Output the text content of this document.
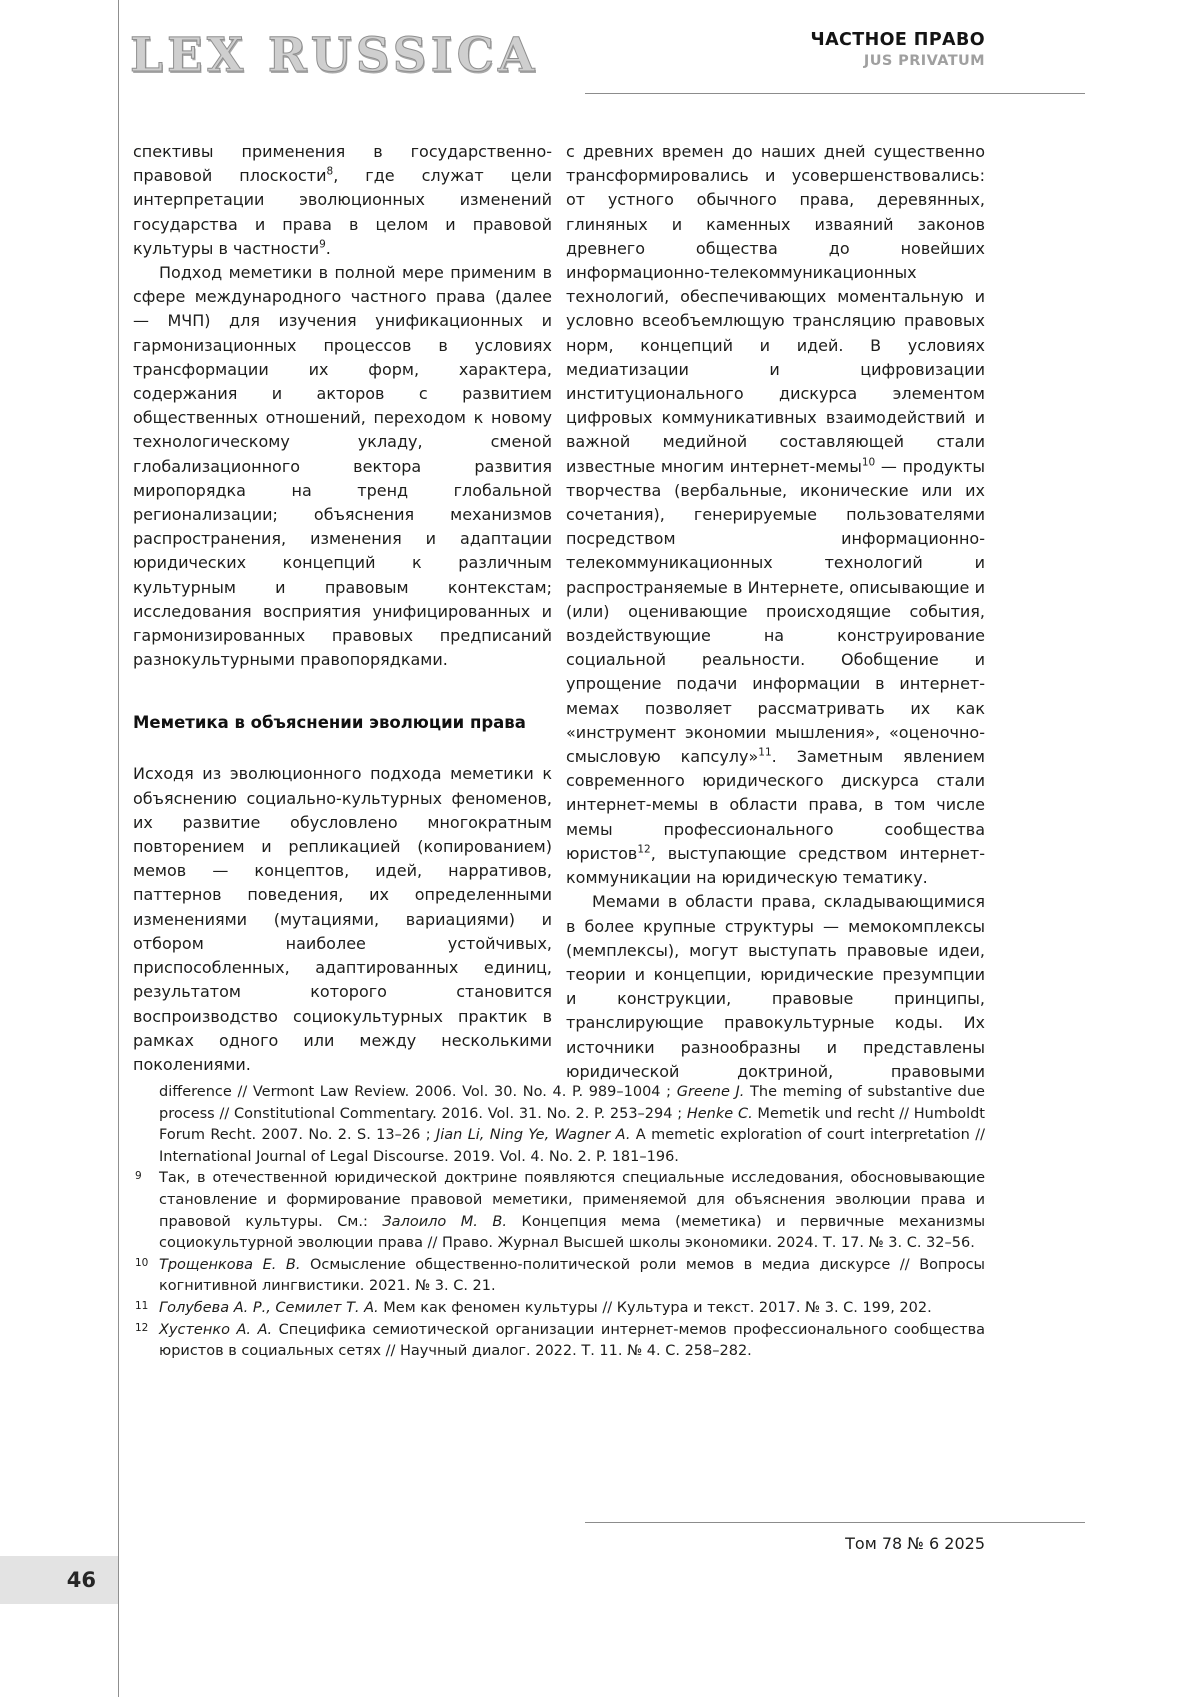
LEX RUSSICA	ЧАСТНОЕ ПРАВО
JUS PRIVATUM

спективы применения в государственно-правовой плоскости$^8$, где служат цели интерпретации эволюционных изменений государства и права в целом и правовой культуры в частности$^9$.

Подход меметики в полной мере применим в сфере международного частного права (далее — МЧП) для изучения унификационных и гармонизационных процессов в условиях трансформации их форм, характера, содержания и акторов с развитием общественных отношений, переходом к новому технологическому укладу, сменой глобализационного вектора развития миропорядка на тренд глобальной регионализации; объяснения механизмов распространения, изменения и адаптации юридических концепций к различным культурным и правовым контекстам; исследования восприятия унифицированных и гармонизированных правовых предписаний разнокультурными правопорядками.

Меметика в объяснении эволюции права

Исходя из эволюционного подхода меметики к объяснению социально-культурных феноменов, их развитие обусловлено многократным повторением и репликацией (копированием) мемов — концептов, идей, нарративов, паттернов поведения, их определенными изменениями (мутациями, вариациями) и отбором наиболее устойчивых, приспособленных, адаптированных единиц, результатом которого становится воспроизводство социокультурных практик в рамках одного или между несколькими поколениями.

с древних времен до наших дней существенно трансформировались и усовершенствовались: от устного обычного права, деревянных, глиняных и каменных изваяний законов древнего общества до новейших информационно-телекоммуникационных технологий, обеспечивающих моментальную и условно всеобъемлющую трансляцию правовых норм, концепций и идей. В условиях медиатизации и цифровизации институционального дискурса элементом цифровых коммуникативных взаимодействий и важной медийной составляющей стали известные многим интернет-мемы$^{10}$ — продукты творчества (вербальные, иконические или их сочетания), генерируемые пользователями посредством информационно-телекоммуникационных технологий и распространяемые в Интернете, описывающие и (или) оценивающие происходящие события, воздействующие на конструирование социальной реальности. Обобщение и упрощение подачи информации в интернет-мемах позволяет рассматривать их как «инструмент экономии мышления», «оценочно-смысловую капсулу»$^{11}$. Заметным явлением современного юридического дискурса стали интернет-мемы в области права, в том числе мемы профессионального сообщества юристов$^{12}$, выступающие средством интернет-коммуникации на юридическую тематику.

Мемами в области права, складывающимися в более крупные структуры — мемокомплексы (мемплексы), могут выступать правовые идеи, теории и концепции, юридические презумпции и конструкции, правовые принципы, транслирующие правокультурные коды. Их источники разнообразны и представлены юридической доктриной, правовыми

difference // Vermont Law Review. 2006. Vol. 30. No. 4. P. 989–1004 ; Greene J. The meming of substantive due process // Constitutional Commentary. 2016. Vol. 31. No. 2. P. 253–294 ; Henke C. Memetik und recht // Humboldt Forum Recht. 2007. No. 2. S. 13–26 ; Jian Li, Ning Ye, Wagner A. A memetic exploration of court interpretation // International Journal of Legal Discourse. 2019. Vol. 4. No. 2. P. 181–196.
9 Так, в отечественной юридической доктрине появляются специальные исследования, обосновывающие становление и формирование правовой меметики, применяемой для объяснения эволюции права и правовой культуры. См.: Залоило М. В. Концепция мема (меметика) и первичные механизмы социокультурной эволюции права // Право. Журнал Высшей школы экономики. 2024. Т. 17. № 3. С. 32–56.
10 Трощенкова Е. В. Осмысление общественно-политической роли мемов в медиа дискурсе // Вопросы когнитивной лингвистики. 2021. № 3. С. 21.
11 Голубева А. Р., Семилет Т. А. Мем как феномен культуры // Культура и текст. 2017. № 3. С. 199, 202.
12 Хустенко А. А. Специфика семиотической организации интернет-мемов профессионального сообщества юристов в социальных сетях // Научный диалог. 2022. Т. 11. № 4. С. 258–282.
Том 78 № 6 2025
46
